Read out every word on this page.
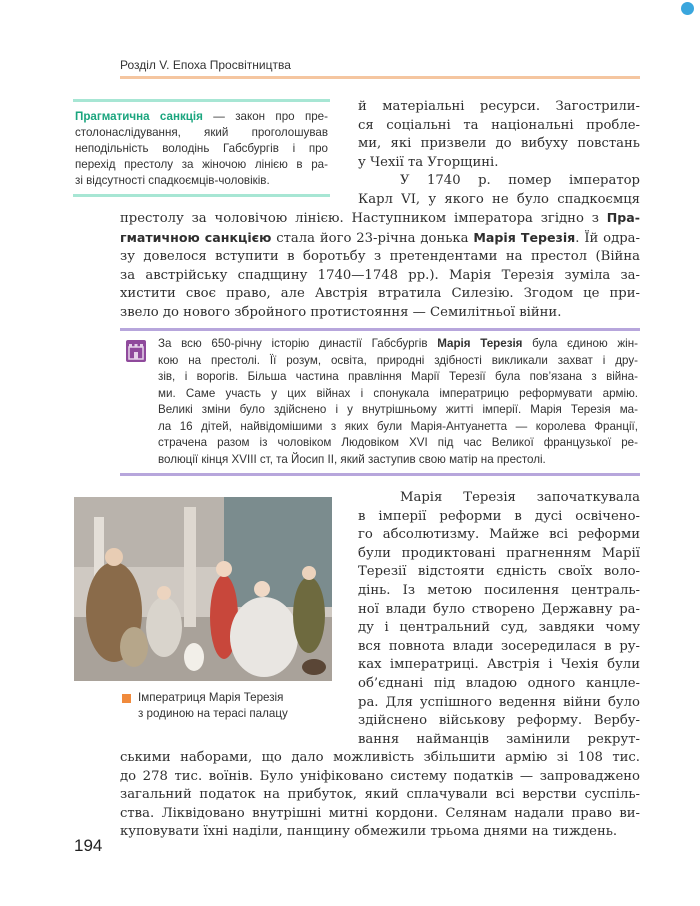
Розділ V. Епоха Просвітництва
Прагматична санкція — закон про пре-
столонаслідування, який проголошував
неподільність володінь Габсбургів і про
перехід престолу за жіночою лінією в ра-
зі відсутності спадкоємців-чоловіків.
й матеріальні ресурси. Загострили-
ся соціальні та національні пробле-
ми, які призвели до вибуху повстань
у Чехії та Угорщині.
У 1740 р. помер імператор
Карл VI, у якого не було спадкоємця
престолу за чоловічою лінією. Наступником імператора згідно з Пра-
гматичною санкцією стала його 23-річна донька Марія Терезія. Їй одра-
зу довелося вступити в боротьбу з претендентами на престол (Війна
за австрійську спадщину 1740—1748 рр.). Марія Терезія зуміла за-
хистити своє право, але Австрія втратила Силезію. Згодом це при-
звело до нового збройного протистояння — Семилітньої війни.
За всю 650-річну історію династії Габсбургів Марія Терезія була єдиною жін-
кою на престолі. Її розум, освіта, природні здібності викликали захват і дру-
зів, і ворогів. Більша частина правління Марії Терезії була пов’язана з війна-
ми. Саме участь у цих війнах і спонукала імператрицю реформувати армію.
Великі зміни було здійснено і у внутрішньому житті імперії. Марія Терезія ма-
ла 16 дітей, найвідомішими з яких були Марія-Антуанетта — королева Франції,
страчена разом із чоловіком Людовіком XVI під час Великої французької ре-
волюції кінця XVIII ст, та Йосип II, який заступив свою матір на престолі.
Імператриця Марія Терезія
з родиною на терасі палацу
Марія Терезія започаткувала
в імперії реформи в дусі освічено-
го абсолютизму. Майже всі реформи
були продиктовані прагненням Марії
Терезії відстояти єдність своїх воло-
дінь. Із метою посилення централь-
ної влади було створено Державну ра-
ду і центральний суд, завдяки чому
вся повнота влади зосередилася в ру-
ках імператриці. Австрія і Чехія були
об’єднані під владою одного канцле-
ра. Для успішного ведення війни було
здійснено військову реформу. Вербу-
вання найманців замінили рекрут-
ськими наборами, що дало можливість збільшити армію зі 108 тис.
до 278 тис. воїнів. Було уніфіковано систему податків — запроваджено
загальний податок на прибуток, який сплачували всі верстви суспіль-
ства. Ліквідовано внутрішні митні кордони. Селянам надали право ви-
куповувати їхні наділи, панщину обмежили трьома днями на тиждень.
194
